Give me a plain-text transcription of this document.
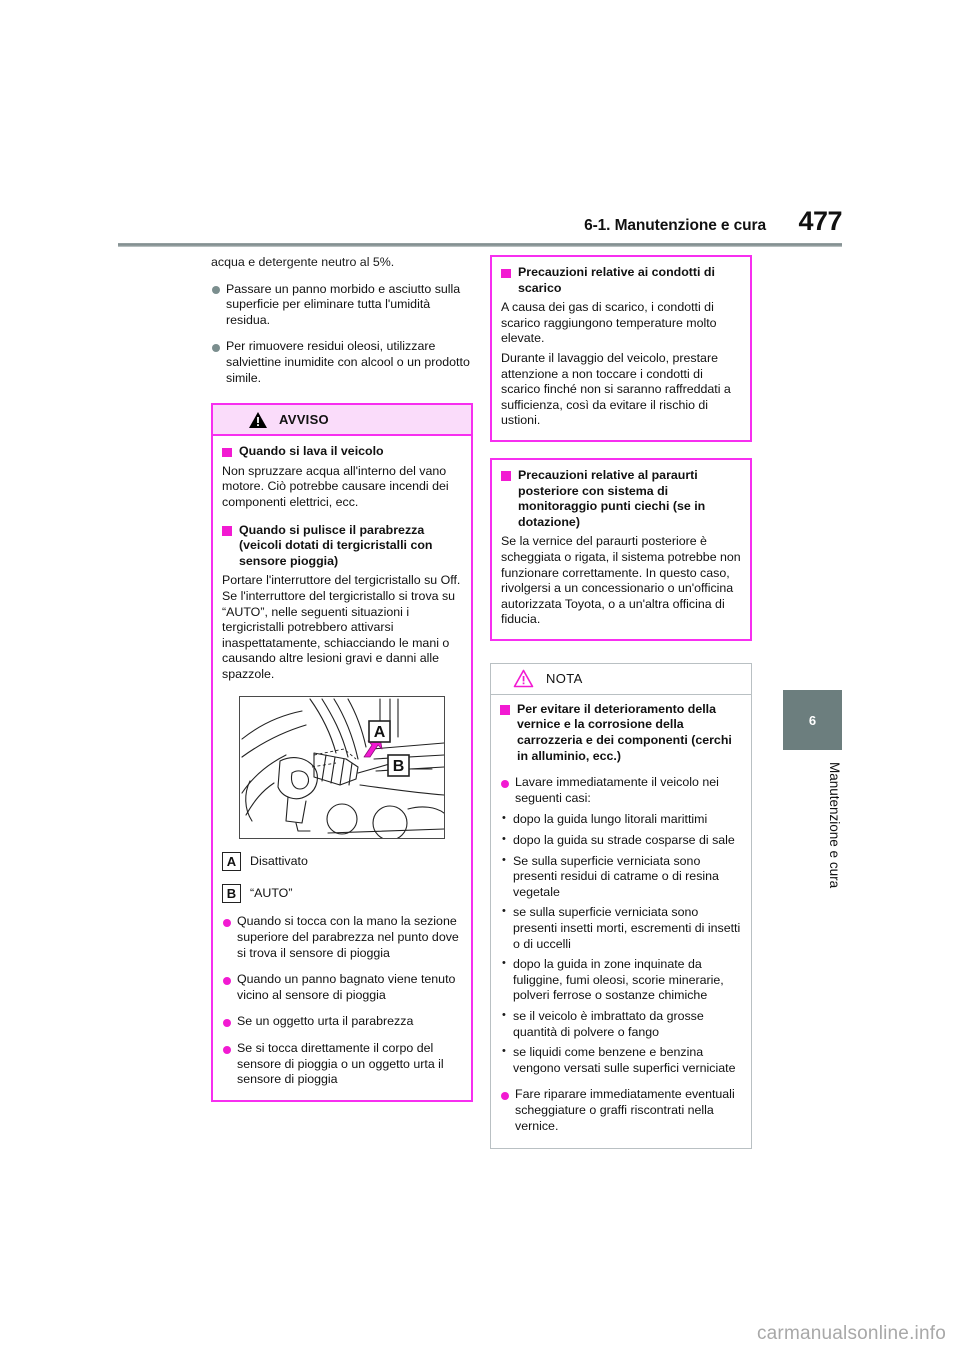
6-1. Manutenzione e cura	477
acqua e detergente neutro al 5%.
Passare un panno morbido e asciutto sulla superficie per eliminare tutta l'umidità residua.
Per rimuovere residui oleosi, utilizzare salviettine inumidite con alcool o un prodotto simile.
AVVISO
Quando si lava il veicolo
Non spruzzare acqua all'interno del vano motore. Ciò potrebbe causare incendi dei componenti elettrici, ecc.
Quando si pulisce il parabrezza (veicoli dotati di tergicristalli con sensore pioggia)
Portare l'interruttore del tergicristallo su Off.
Se l'interruttore del tergicristallo si trova su “AUTO”, nelle seguenti situazioni i tergicristalli potrebbero attivarsi inaspettatamente, schiacciando le mani o causando altre lesioni gravi e danni alle spazzole.
A
B
A	Disattivato
B	“AUTO”
Quando si tocca con la mano la sezione superiore del parabrezza nel punto dove si trova il sensore di pioggia
Quando un panno bagnato viene tenuto vicino al sensore di pioggia
Se un oggetto urta il parabrezza
Se si tocca direttamente il corpo del sensore di pioggia o un oggetto urta il sensore di pioggia
Precauzioni relative ai condotti di scarico
A causa dei gas di scarico, i condotti di scarico raggiungono temperature molto elevate.
Durante il lavaggio del veicolo, prestare attenzione a non toccare i condotti di scarico finché non si saranno raffreddati a sufficienza, così da evitare il rischio di ustioni.
Precauzioni relative al paraurti posteriore con sistema di monitoraggio punti ciechi (se in dotazione)
Se la vernice del paraurti posteriore è scheggiata o rigata, il sistema potrebbe non funzionare correttamente. In questo caso, rivolgersi a un concessionario o un'officina autorizzata Toyota, o a un'altra officina di fiducia.
NOTA
Per evitare il deterioramento della vernice e la corrosione della carrozzeria e dei componenti (cerchi in alluminio, ecc.)
Lavare immediatamente il veicolo nei seguenti casi:
• dopo la guida lungo litorali marittimi
• dopo la guida su strade cosparse di sale
• Se sulla superficie verniciata sono presenti residui di catrame o di resina vegetale
• se sulla superficie verniciata sono presenti insetti morti, escrementi di insetti o di uccelli
• dopo la guida in zone inquinate da fuliggine, fumi oleosi, scorie minerarie, polveri ferrose o sostanze chimiche
• se il veicolo è imbrattato da grosse quantità di polvere o fango
• se liquidi come benzene e benzina vengono versati sulle superfici verniciate
Fare riparare immediatamente eventuali scheggiature o graffi riscontrati nella vernice.
6
Manutenzione e cura
carmanualsonline.info
